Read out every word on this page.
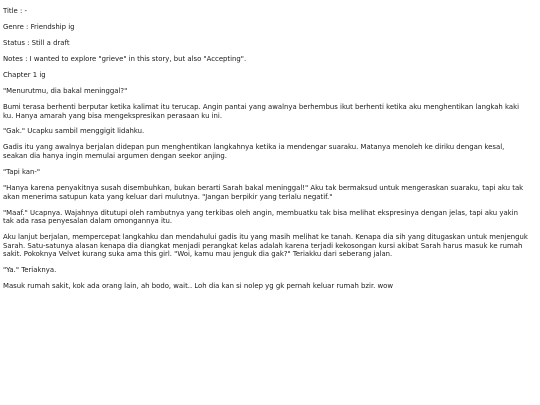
Title : -
Genre : Friendship ig
Status : Still a draft
Notes : I wanted to explore "grieve" in this story, but also "Accepting".
Chapter 1 ig
"Menurutmu, dia bakal meninggal?"
Bumi terasa berhenti berputar ketika kalimat itu terucap. Angin pantai yang awalnya berhembus ikut berhenti ketika aku menghentikan langkah kaki ku. Hanya amarah yang bisa mengekspresikan perasaan ku ini.
"Gak." Ucapku sambil menggigit lidahku.
Gadis itu yang awalnya berjalan didepan pun menghentikan langkahnya ketika ia mendengar suaraku. Matanya menoleh ke diriku dengan kesal, seakan dia hanya ingin memulai argumen dengan seekor anjing.
"Tapi kan-"
"Hanya karena penyakitnya susah disembuhkan, bukan berarti Sarah bakal meninggal!" Aku tak bermaksud untuk mengeraskan suaraku, tapi aku tak akan menerima satupun kata yang keluar dari mulutnya. "Jangan berpikir yang terlalu negatif."
"Maaf." Ucapnya. Wajahnya ditutupi oleh rambutnya yang terkibas oleh angin, membuatku tak bisa melihat ekspresinya dengan jelas, tapi aku yakin tak ada rasa penyesalan dalam omongannya itu.
Aku lanjut berjalan, mempercepat langkahku dan mendahului gadis itu yang masih melihat ke tanah. Kenapa dia sih yang ditugaskan untuk menjenguk Sarah. Satu-satunya alasan kenapa dia diangkat menjadi perangkat kelas adalah karena terjadi kekosongan kursi akibat Sarah harus masuk ke rumah sakit. Pokoknya Velvet kurang suka ama this girl. "Woi, kamu mau jenguk dia gak?" Teriakku dari seberang jalan.
"Ya." Teriaknya.
Masuk rumah sakit, kok ada orang lain, ah bodo, wait.. Loh dia kan si nolep yg gk pernah keluar rumah bzir. wow
